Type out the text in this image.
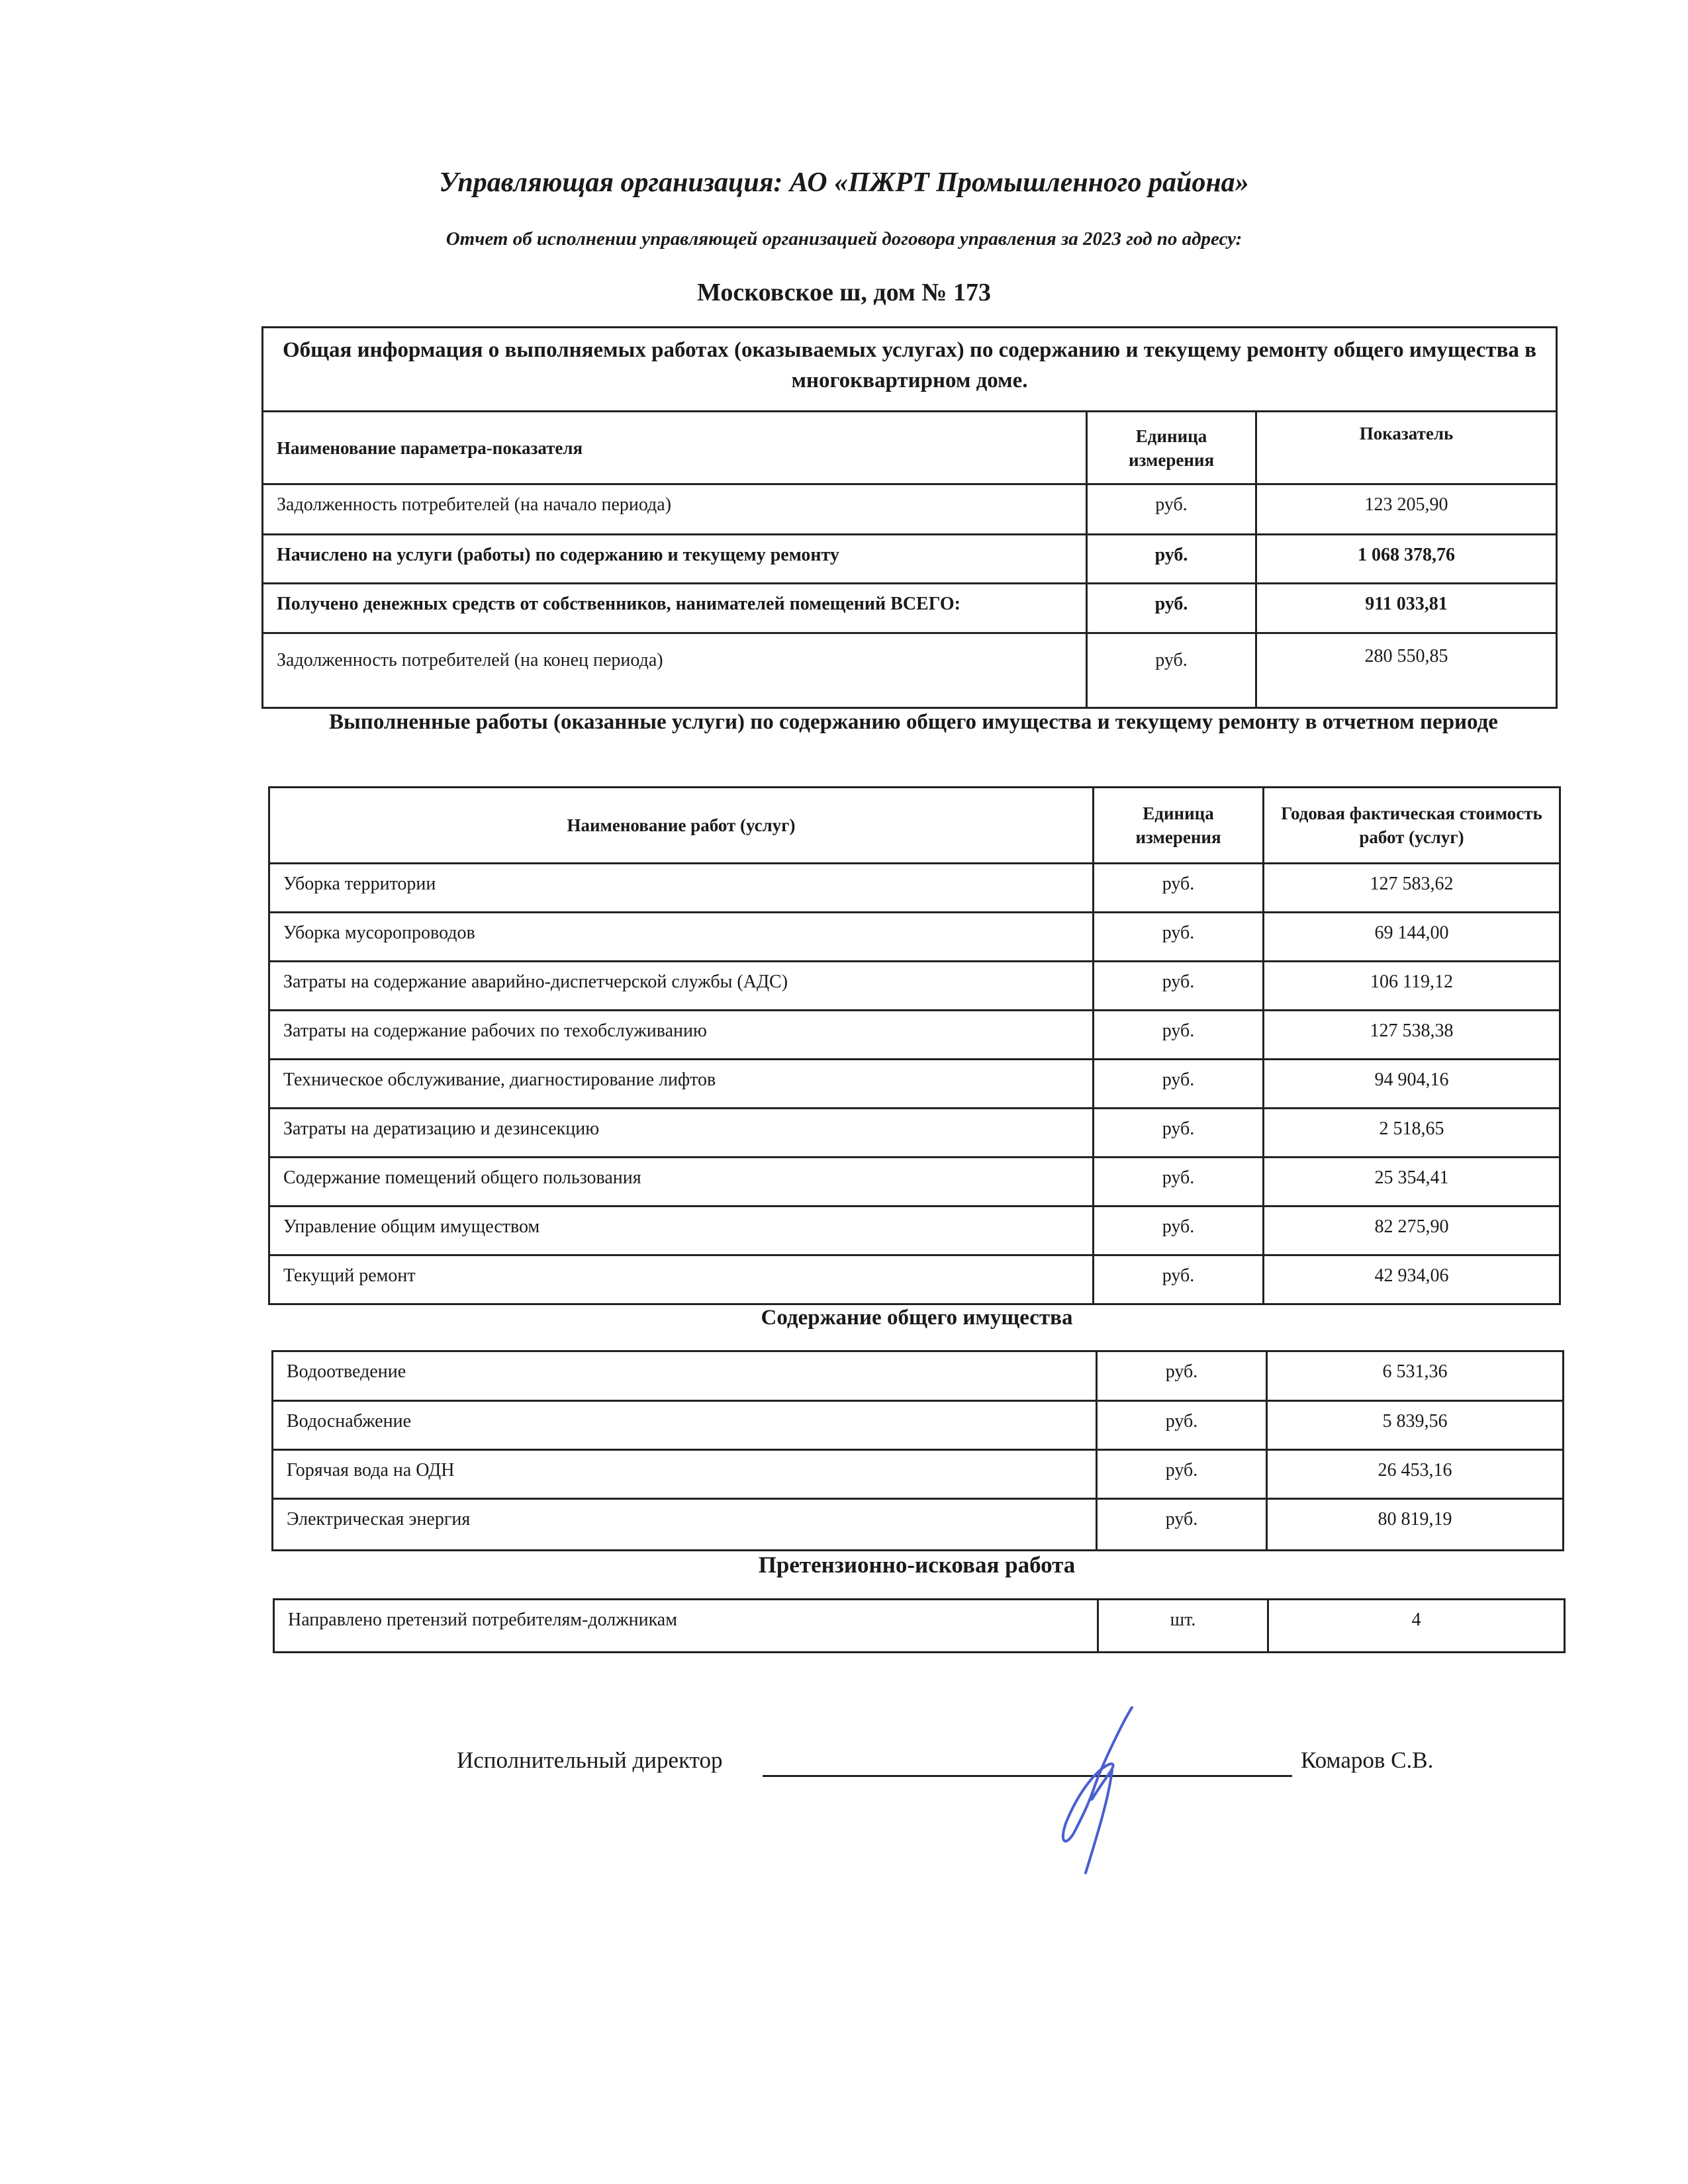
Управляющая организация: АО «ПЖРТ Промышленного района»
Отчет об исполнении управляющей организацией договора управления за 2023 год по адресу:
Московское ш, дом № 173
Общая информация о выполняемых работах (оказываемых услугах) по содержанию и текущему ремонту общего имущества в многоквартирном доме.		
Наименование параметра-показателя	Единица измерения	Показатель
Задолженность потребителей (на начало периода)	руб.	123 205,90
Начислено на услуги (работы) по содержанию и текущему ремонту	руб.	1 068 378,76
Получено денежных средств от собственников, нанимателей помещений ВСЕГО:	руб.	911 033,81
Задолженность потребителей (на конец периода)	руб.	280 550,85
Выполненные работы (оказанные услуги) по содержанию общего имущества и текущему ремонту в отчетном периоде
Наименование работ (услуг)	Единица измерения	Годовая фактическая стоимость работ (услуг)
Уборка территории	руб.	127 583,62
Уборка мусоропроводов	руб.	69 144,00
Затраты на содержание аварийно-диспетчерской службы (АДС)	руб.	106 119,12
Затраты на содержание рабочих по техобслуживанию	руб.	127 538,38
Техническое обслуживание, диагностирование лифтов	руб.	94 904,16
Затраты на дератизацию и дезинсекцию	руб.	2 518,65
Содержание помещений общего пользования	руб.	25 354,41
Управление общим имуществом	руб.	82 275,90
Текущий ремонт	руб.	42 934,06
Содержание общего имущества
Водоотведение	руб.	6 531,36
Водоснабжение	руб.	5 839,56
Горячая вода на ОДН	руб.	26 453,16
Электрическая энергия	руб.	80 819,19
Претензионно-исковая работа
Направлено претензий потребителям-должникам	шт.	4
Исполнительный директор	Комаров С.В.
